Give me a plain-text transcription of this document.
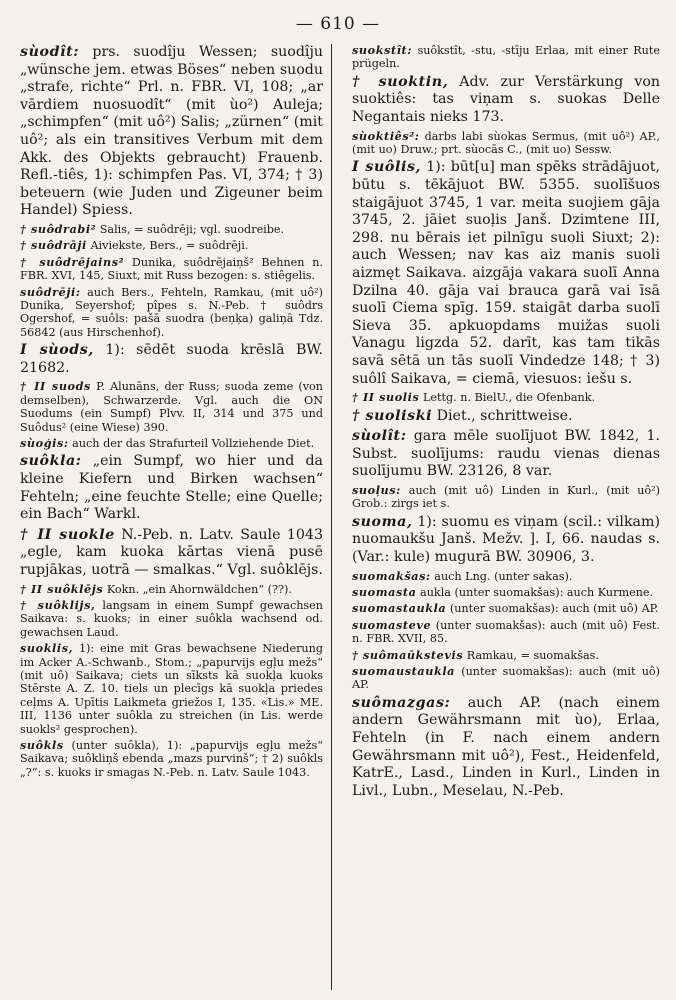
— 610 —

sùodît: prs. suodîju Wessen; suodîju „wünsche jem. etwas Böses“ neben suodu „strafe, richte“ Prl. n. FBR. VI, 108; „ar vārdiem nuosuodît“ (mit ùo²) Auleja; „schimpfen“ (mit uô²) Salis; „zürnen“ (mit uô²; als ein transitives Verbum mit dem Akk. des Objekts gebraucht) Frauenb. Refl.-tiês, 1): schimpfen Pas. VI, 374; † 3) beteuern (wie Juden und Zigeuner beim Handel) Spiess.

† suôdrabi² Salis, = suôdrēji; vgl. suodreibe.

† suôdrāji Aiviekste, Bers., = suôdrēji.

† suôdrējains² Dunika, suôdrējaiņš² Behnen n. FBR. XVI, 145, Siuxt, mit Russ bezogen: s. stiêgelis.

suôdrēji: auch Bers., Fehteln, Ramkau, (mit uô²) Dunika, Seyershof; pîpes s. N.-Peb. † suôdrs Ogershof, = suôls: pašā suodra (beņķa) galiņā Tdz. 56842 (aus Hirschenhof).

I sùods, 1): sēdēt suoda krēslā BW. 21682.

† II suods P. Alunāns, der Russ; suoda zeme (von demselben), Schwarzerde. Vgl. auch die ON Suodums (ein Sumpf) Plvv. II, 314 und 375 und Suôdus² (eine Wiese) 390.

sùoģis: auch der das Strafurteil Vollziehende Diet.

suôkla: „ein Sumpf, wo hier und da kleine Kiefern und Birken wachsen“ Fehteln; „eine feuchte Stelle; eine Quelle; ein Bach“ Warkl.

† II suokle N.-Peb. n. Latv. Saule 1043 „egle, kam kuoka kārtas vienā pusē rupjākas, uotrā — smalkas.“ Vgl. suôklējs.

† II suôklējs Kokn. „ein Ahornwäldchen“ (??).

† suôklijs, langsam in einem Sumpf gewachsen Saikava: s. kuoks; in einer suôkla wachsend od. gewachsen Laud.

suoklis, 1): eine mit Gras bewachsene Niederung im Acker A.-Schwanb., Stom.; „papurvijs egļu mežs“ (mit uô) Saikava; ciets un sīksts kā suokļa kuoks Stērste A. Z. 10. tiels un plecīgs kā suokļa priedes ceļms A. Upītis Laikmeta griežos I, 135. «Lis.» ME. III, 1136 unter suôkla zu streichen (in Lis. werde suokls² gesprochen).

suôkls (unter suôkla), 1): „papurvijs egļu mežs“ Saikava; suôkliņš ebenda „mazs purvinš“; † 2) suôkls „?“: s. kuoks ir smagas N.-Peb. n. Latv. Saule 1043.

suokstît: suôkstît, -stu, -stīju Erlaa, mit einer Rute prügeln.

† suoktin, Adv. zur Verstärkung von suoktiês: tas viņam s. suokas Delle Negantais nieks 173.

sùoktiês²: darbs labi sùokas Sermus, (mit uô²) AP., (mit uo) Druw.; prt. sùocās C., (mit uo) Sessw.

I suôlis, 1): būt[u] man spēks strādājuot, būtu s. tēkājuot BW. 5355. suolīšuos staigājuot 3745, 1 var. meita suojiem gāja 3745, 2. jāiet suoļis Janš. Dzimtene III, 298. nu bērais iet pilnīgu suoli Siuxt; 2): auch Wessen; nav kas aiz manis suoli aizmęt Saikava. aizgāja vakara suolī Anna Dzilna 40. gāja vai brauca garā vai īsā suolī Ciema spīg. 159. staigāt darba suolī Sieva 35. apkuopdams muižas suoli Vanagu ligzda 52. darīt, kas tam tikās savā sētā un tās suolī Vindedze 148; † 3) suôlî Saikava, = ciemā, viesuos: iešu s.

† II suolis Lettg. n. BielU., die Ofenbank.

† suoliski Diet., schrittweise.

sùolît: gara mēle suolījuot BW. 1842, 1. Subst. suolījums: raudu vienas dienas suolījumu BW. 23126, 8 var.

suoļus: auch (mit uô) Linden in Kurl., (mit uô²) Grob.: zirgs iet s.

suoma, 1): suomu es viņam (scil.: vilkam) nuomaukšu Janš. Mežv. ]. I, 66. naudas s. (Var.: kule) mugurā BW. 30906, 3.

suomakšas: auch Lng. (unter sakas).

suomasta aukla (unter suomakšas): auch Kurmene.

suomastaukla (unter suomakšas): auch (mit uô) AP.

suomasteve (unter suomakšas): auch (mit uô) Fest. n. FBR. XVII, 85.

† suômaūkstevis Ramkau, = suomakšas.

suomaustaukla (unter suomakšas): auch (mit uô) AP.

suômazgas: auch AP. (nach einem andern Gewährsmann mit ùo), Erlaa, Fehteln (in F. nach einem andern Gewährsmann mit uô²), Fest., Heidenfeld, KatrE., Lasd., Linden in Kurl., Linden in Livl., Lubn., Meselau, N.-Peb.
